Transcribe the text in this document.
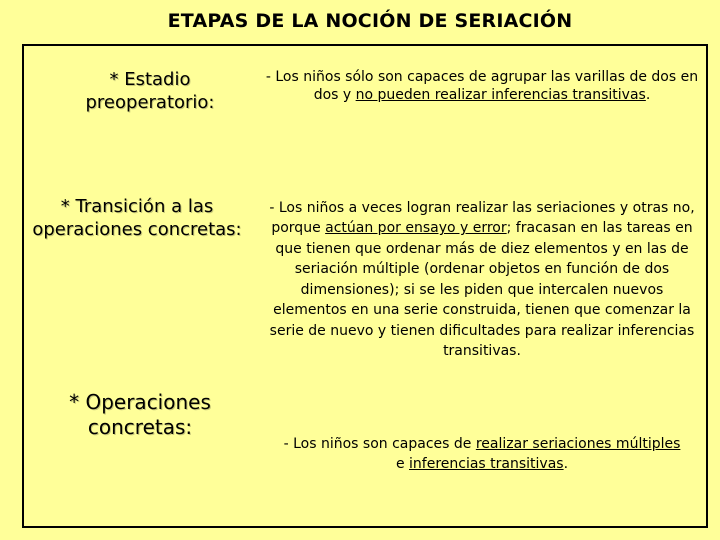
ETAPAS DE LA NOCIÓN DE SERIACIÓN
* Estadio
preoperatorio:
- Los niños sólo son capaces de agrupar las varillas de dos en dos y no pueden realizar inferencias transitivas.
* Transición a las
operaciones concretas:
- Los niños a veces logran realizar las seriaciones y otras no, porque actúan por ensayo y error; fracasan en las tareas en que tienen que ordenar más de diez elementos y en las de seriación múltiple (ordenar objetos en función de dos dimensiones); si se les piden que intercalen nuevos elementos en una serie construida, tienen que comenzar la serie de nuevo y tienen dificultades para realizar inferencias transitivas.
* Operaciones
concretas:
- Los niños son capaces de realizar seriaciones múltiples e inferencias transitivas.
